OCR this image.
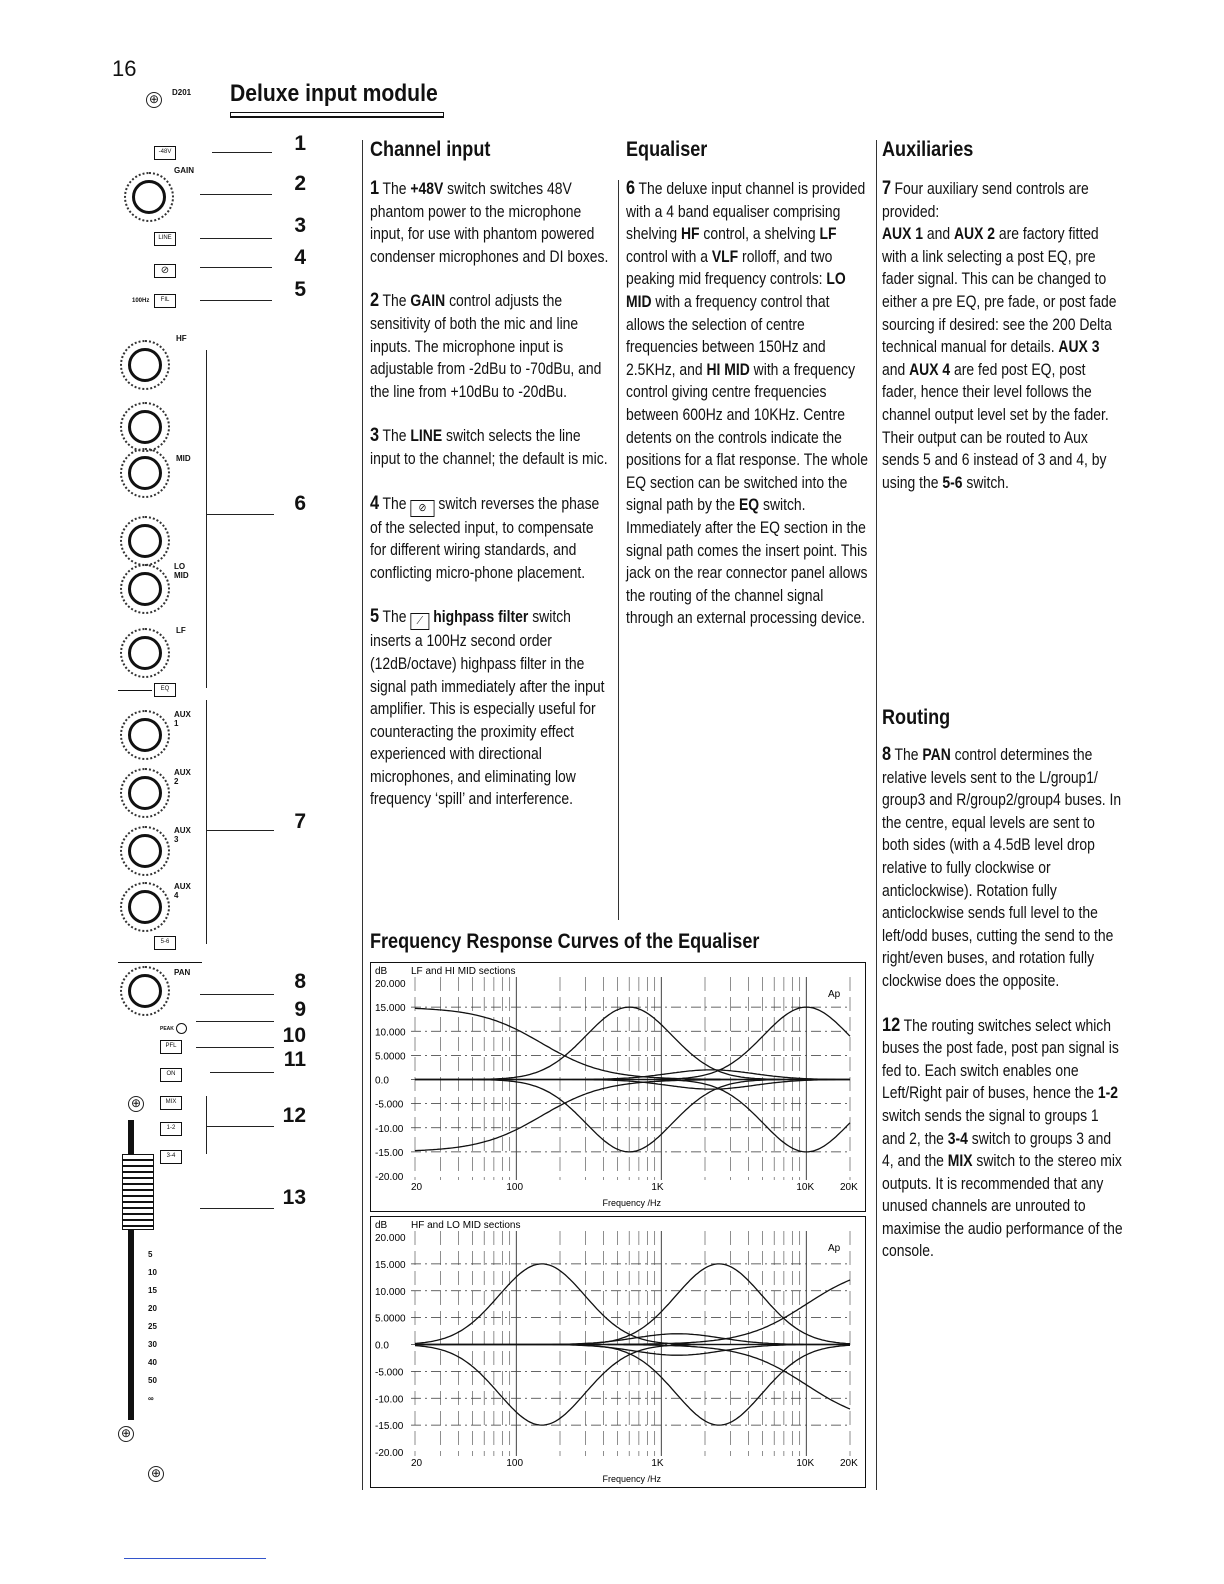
16
⊕	D201 Deluxe input module
-48V
GAIN
LINE
⊘
100Hz	FIL
HF
MID
LO MID
LF
EQ
AUX 1
AUX 2
AUX 3
AUX 4
5-6
PAN
PEAK
PFL
ON
⊕	MIX
1-2
3-4
5
10
15
20
25
30
40
50
∞
⊕
⊕
1
2
3
4
5
6
7
8
9
10
11
12
13
Channel input

1 The +48V switch switches 48V phantom power to the microphone input, for use with phantom powered condenser microphones and DI boxes.

2 The GAIN control adjusts the sensitivity of both the mic and line inputs. The microphone input is adjustable from -2dBu to -70dBu, and the line from +10dBu to -20dBu.

3 The LINE switch selects the line input to the channel; the default is mic.

4 The ⊘ switch reverses the phase of the selected input, to compensate for different wiring standards, and conflicting micro-phone placement.

5 The ⟋ highpass filter switch inserts a 100Hz second order (12dB/octave) highpass filter in the signal path immediately after the input amplifier. This is especially useful for counteracting the proximity effect experienced with directional microphones, and eliminating low frequency ‘spill’ and interference.

Equaliser

6 The deluxe input channel is provided with a 4 band equaliser comprising shelving HF control, a shelving LF control with a VLF rolloff, and two peaking mid frequency controls: LO MID with a frequency control that allows the selection of centre frequencies between 150Hz and 2.5KHz, and HI MID with a frequency control giving centre frequencies between 600Hz and 10KHz. Centre detents on the controls indicate the positions for a flat response. The whole EQ section can be switched into the signal path by the EQ switch. Immediately after the EQ section in the signal path comes the insert point. This jack on the rear connector panel allows the routing of the channel signal through an external processing device.

Auxiliaries

7 Four auxiliary send controls are provided:
AUX 1 and AUX 2 are factory fitted with a link selecting a post EQ, pre fader signal. This can be changed to either a pre EQ, pre fade, or post fade sourcing if desired: see the 200 Delta technical manual for details. AUX 3 and AUX 4 are fed post EQ, post fader, hence their level follows the channel output level set by the fader. Their output can be routed to Aux sends 5 and 6 instead of 3 and 4, by using the 5-6 switch.

Routing

8 The PAN control determines the relative levels sent to the L/group1/ group3 and R/group2/group4 buses. In the centre, equal levels are sent to both sides (with a 4.5dB level drop relative to fully clockwise or anticlockwise). Rotation fully anticlockwise sends full level to the left/odd buses, cutting the send to the right/even buses, and rotation fully clockwise does the opposite.

12 The routing switches select which buses the post fade, post pan signal is fed to. Each switch enables one Left/Right pair of buses, hence the 1-2 switch sends the signal to groups 1 and 2, the 3-4 switch to groups 3 and 4, and the MIX switch to the stereo mix outputs. It is recommended that any unused channels are unrouted to maximise the audio performance of the console.

Frequency Response Curves of the Equaliser
dB LF and HI MID sections
Ap
20.000
15.000
10.000
5.0000
0.0
-5.000
-10.00
-15.00
-20.00
20	100	1K	10K	20K
Frequency /Hz
dB HF and LO MID sections
Ap
20.000
15.000
10.000
5.0000
0.0
-5.000
-10.00
-15.00
-20.00
20	100	1K	10K	20K
Frequency /Hz
